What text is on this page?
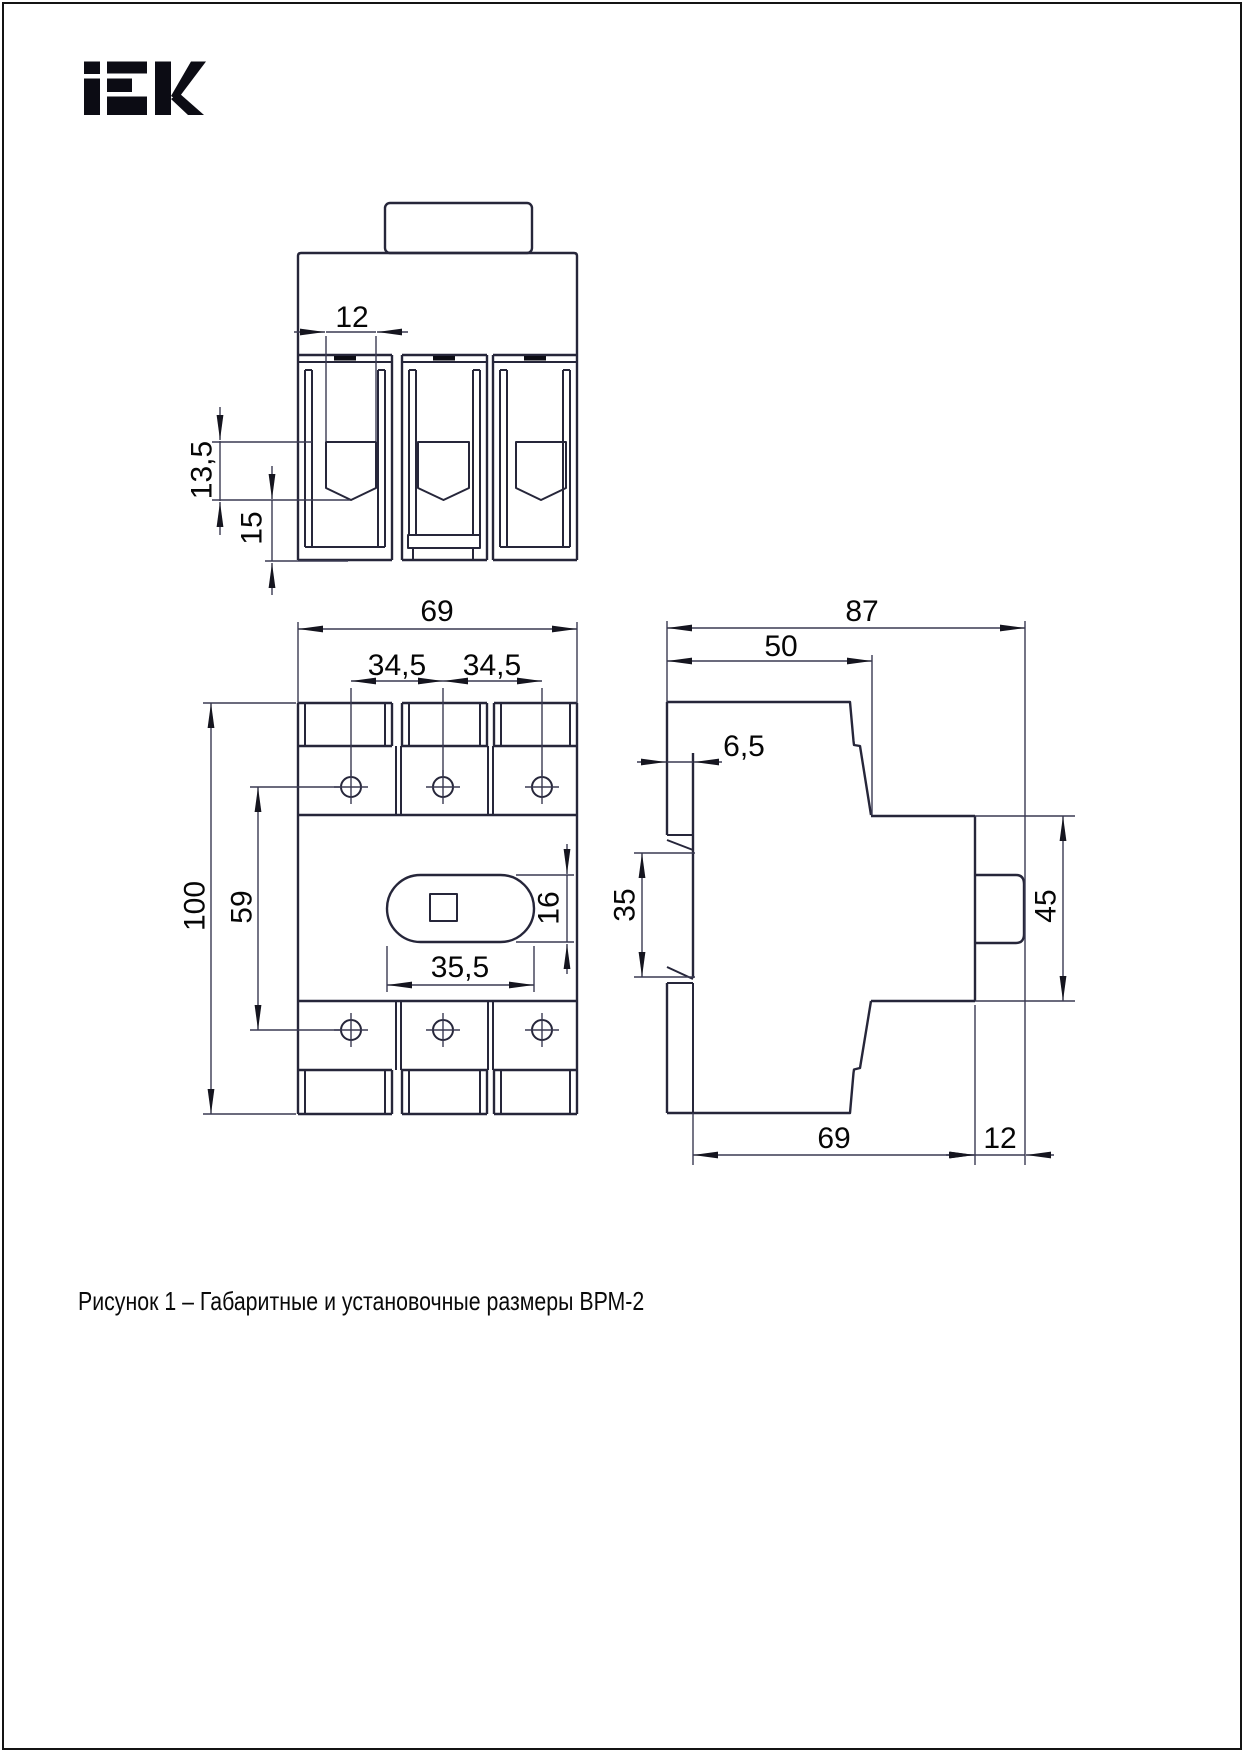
12
13,5
15
69
34,5 34,5
100 59	16
35,5
87
50
6,5
35	45
69	12
Рисунок 1 – Габаритные и установочные размеры ВРМ-2
